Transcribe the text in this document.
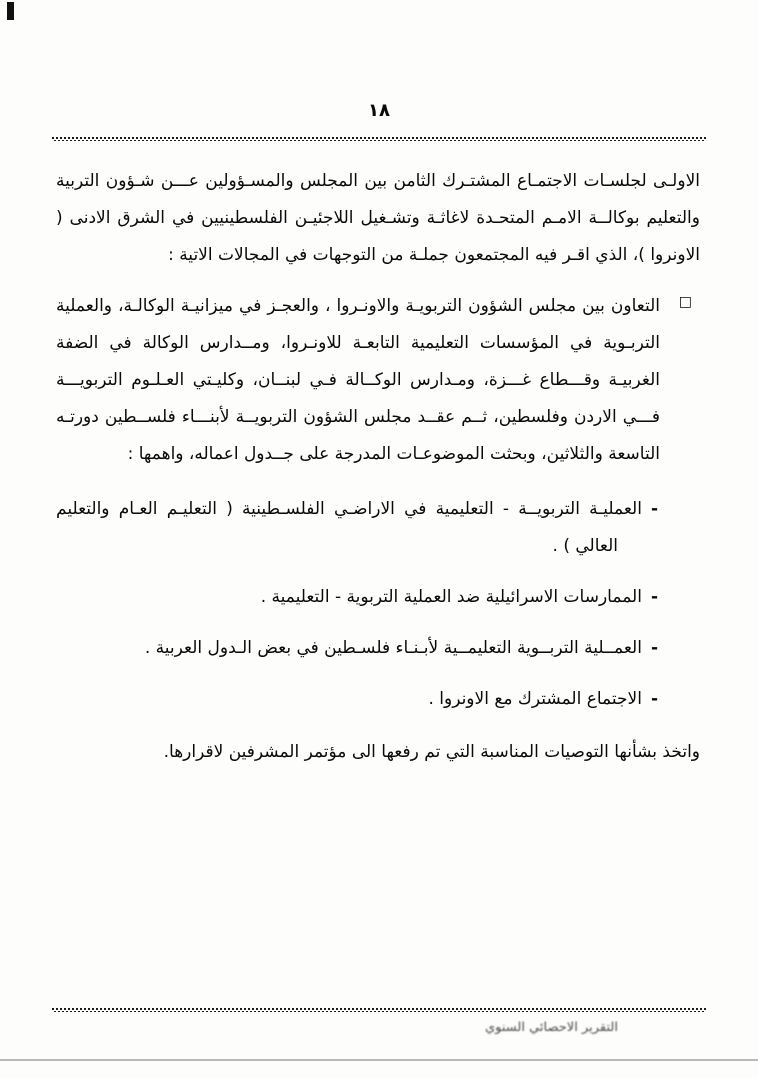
١٨

الاولـى لجلسـات الاجتمـاع المشتـرك الثامن بين المجلس والمسـؤولين عـــن شـؤون التربية والتعليم بوكالــة الامـم المتحـدة لاغاثـة وتشـغيل اللاجئيـن الفلسطينيين في الشرق الادنى ( الاونروا )، الذي اقـر فيه المجتمعون جملـة من التوجهات في المجالات الاتية :

□
التعاون بين مجلس الشؤون التربويـة والاونـروا ، والعجـز في ميزانيـة الوكالـة، والعملية التربـوية في المؤسسات التعليمية التابعـة للاونـروا، ومــدارس الوكالة في الضفة الغربيـة وقـــطاع غـــزة، ومـدارس الوكــالة فـي لبنــان، وكليـتي العـلـوم التربويـــة فـــي الاردن وفلسطين، ثــم عقــد مجلس الشؤون التربويــة لأبنـــاء فلســطين دورتـه التاسعة والثلاثين، وبحثت الموضوعـات المدرجة على جــدول اعماله، واهمها :

-العمليـة التربويــة - التعليمية في الاراضـي الفلسـطينية ( التعليـم العـام والتعليم العالي ) .

-الممارسات الاسرائيلية ضد العملية التربوية - التعليمية .

-العمــلية التربــوية التعليمــية لأبـنـاء فلسـطين في بعض الـدول العربية .

-الاجتماع المشترك مع الاونروا .

واتخذ بشأنها التوصيات المناسبة التي تم رفعها الى مؤتمر المشرفين لاقرارها.

التقرير الاحصائي السنوي
